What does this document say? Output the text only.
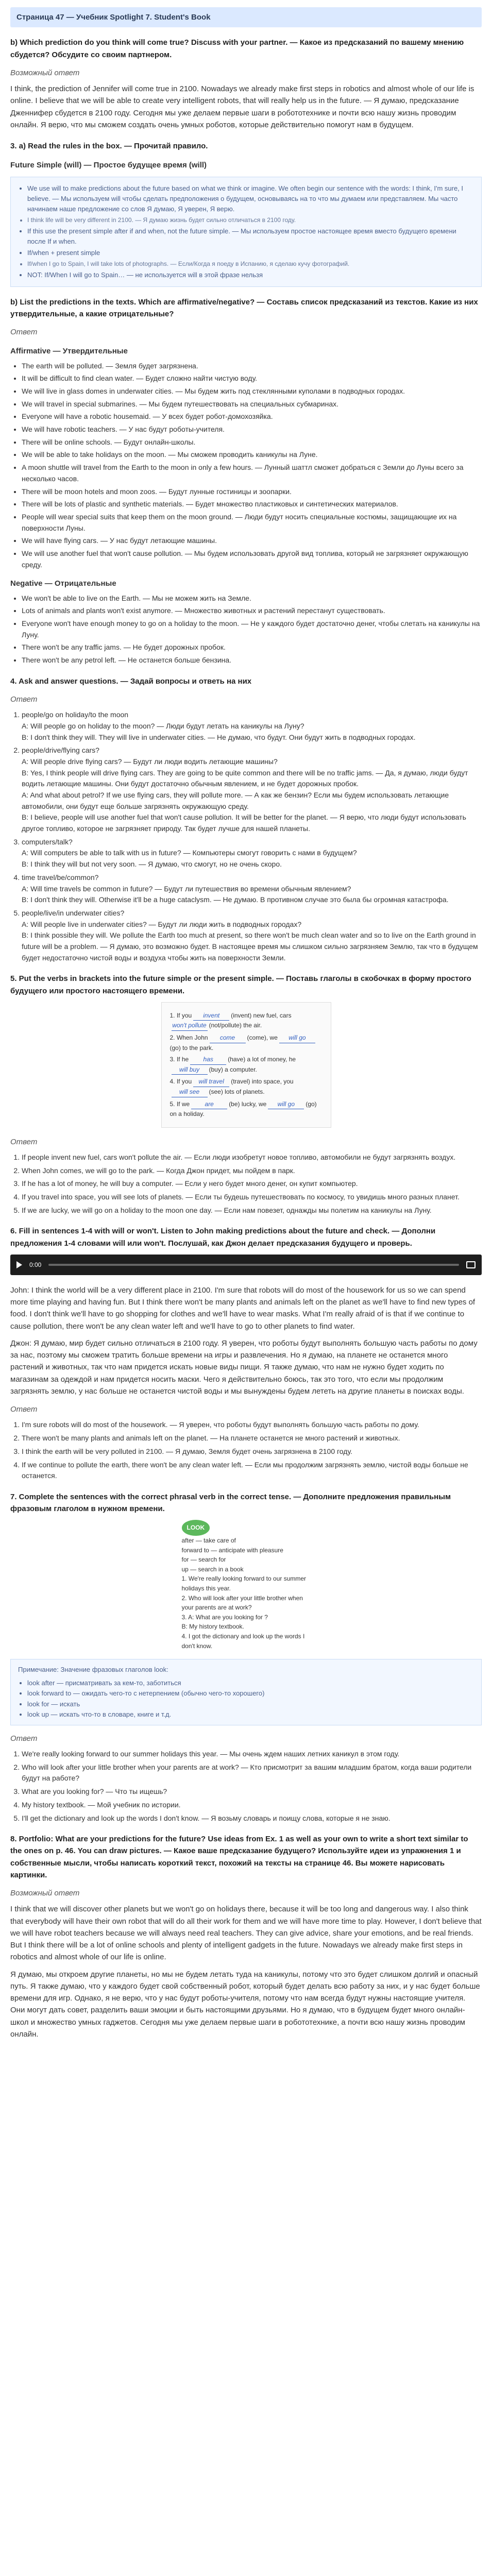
Страница 47 — Учебник Spotlight 7. Student's Book
b) Which prediction do you think will come true? Discuss with your partner. — Какое из предсказаний по вашему мнению сбудется? Обсудите со своим партнером.
Возможный ответ

I think, the prediction of Jennifer will come true in 2100. Nowadays we already make first steps in robotics and almost whole of our life is online. I believe that we will be able to create very intelligent robots, that will really help us in the future. — Я думаю, предсказание Дженнифер сбудется в 2100 году. Сегодня мы уже делаем первые шаги в робототехнике и почти всю нашу жизнь проводим онлайн. Я верю, что мы сможем создать очень умных роботов, которые действительно помогут нам в будущем.

3. a) Read the rules in the box. — Прочитай правило.
Future Simple (will) — Простое будущее время (will)
• We use will to make predictions about the future based on what we think or imagine. We often begin our sentence with the words: I think, I'm sure, I believe. — Мы используем will чтобы сделать предположения о будущем, основываясь на то что мы думаем или представляем. Мы часто начинаем наше предложение со слов Я думаю, Я уверен, Я верю.
• I think life will be very different in 2100. — Я думаю жизнь будет сильно отличаться в 2100 году.
• If this use the present simple after if and when, not the future simple. — Мы используем простое настоящее время вместо будущего времени после If и when.
• If/when + present simple
• If/when I go to Spain, I will take lots of photographs. — Если/Когда я поеду в Испанию, я сделаю кучу фотографий.
• NOT: If/When I will go to Spain… — не используется will в этой фразе нельзя
b) List the predictions in the texts. Which are affirmative/negative? — Составь список предсказаний из текстов. Какие из них утвердительные, а какие отрицательные?
Ответ
Affirmative — Утвердительные
• The earth will be polluted. — Земля будет загрязнена.
• It will be difficult to find clean water. — Будет сложно найти чистую воду.
• We will live in glass domes in underwater cities. — Мы будем жить под стеклянными куполами в подводных городах.
• We will travel in special submarines. — Мы будем путешествовать на специальных субмаринах.
• Everyone will have a robotic housemaid. — У всех будет робот-домохозяйка.
• We will have robotic teachers. — У нас будут роботы-учителя.
• There will be online schools. — Будут онлайн-школы.
• We will be able to take holidays on the moon. — Мы сможем проводить каникулы на Луне.
• A moon shuttle will travel from the Earth to the moon in only a few hours. — Лунный шаттл сможет добраться с Земли до Луны всего за несколько часов.
• There will be moon hotels and moon zoos. — Будут лунные гостиницы и зоопарки.
• There will be lots of plastic and synthetic materials. — Будет множество пластиковых и синтетических материалов.
• People will wear special suits that keep them on the moon ground. — Люди будут носить специальные костюмы, защищающие их на поверхности Луны.
• We will have flying cars. — У нас будут летающие машины.
• We will use another fuel that won't cause pollution. — Мы будем использовать другой вид топлива, который не загрязняет окружающую среду.
Negative — Отрицательные
• We won't be able to live on the Earth. — Мы не можем жить на Земле.
• Lots of animals and plants won't exist anymore. — Множество животных и растений перестанут существовать.
• Everyone won't have enough money to go on a holiday to the moon. — Не у каждого будет достаточно денег, чтобы слетать на каникулы на Луну.
• There won't be any traffic jams. — Не будет дорожных пробок.
• There won't be any petrol left. — Не останется больше бензина.
4. Ask and answer questions. — Задай вопросы и ответь на них
Ответ
1. people/go on holiday/to the moon
A: Will people go on holiday to the moon? — Люди будут летать на каникулы на Луну?
B: I don't think they will. They will live in underwater cities. — Не думаю, что будут. Они будут жить в подводных городах.
2. people/drive/flying cars?
A: Will people drive flying cars? — Будут ли люди водить летающие машины?
B: Yes, I think people will drive flying cars. They are going to be quite common and there will be no traffic jams. — Да, я думаю, люди будут водить летающие машины. Они будут достаточно обычным явлением, и не будет дорожных пробок.
A: And what about petrol? If we use flying cars, they will pollute more. — А как же бензин? Если мы будем использовать летающие автомобили, они будут еще больше загрязнять окружающую среду.
B: I believe, people will use another fuel that won't cause pollution. It will be better for the planet. — Я верю, что люди будут использовать другое топливо, которое не загрязняет природу. Так будет лучше для нашей планеты.
3. computers/talk?
A: Will computers be able to talk with us in future? — Компьютеры смогут говорить с нами в будущем?
B: I think they will but not very soon. — Я думаю, что смогут, но не очень скоро.
4. time travel/be/common?
A: Will time travels be common in future? — Будут ли путешествия во времени обычным явлением?
B: I don't think they will. Otherwise it'll be a huge cataclysm. — Не думаю. В противном случае это была бы огромная катастрофа.
5. people/live/in underwater cities?
A: Will people live in underwater cities? — Будут ли люди жить в подводных городах?
B: I think possible they will. We pollute the Earth too much at present, so there won't be much clean water and so to live on the Earth ground in future will be a problem. — Я думаю, это возможно будет. В настоящее время мы слишком сильно загрязняем Землю, так что в будущем будет недостаточно чистой воды и воздуха чтобы жить на поверхности Земли.
5. Put the verbs in brackets into the future simple or the present simple. — Поставь глаголы в скобочках в форму простого будущего или простого настоящего времени.
1. If you invent (invent) new fuel, carswon't pollute (not/pollute) the air.
2. When John come (come), we will go(go) to the park.
3. If he has (have) a lot of money, hewill buy (buy) a computer.
4. If you will travel (travel) into space, youwill see (see) lots of planets.
5. If we are (be) lucky, we will go (go) on a holiday.
Ответ
1. If people invent new fuel, cars won't pollute the air. — Если люди изобретут новое топливо, автомобили не будут загрязнять воздух.
2. When John comes, we will go to the park. — Когда Джон придет, мы пойдем в парк.
3. If he has a lot of money, he will buy a computer. — Если у него будет много денег, он купит компьютер.
4. If you travel into space, you will see lots of planets. — Если ты будешь путешествовать по космосу, то увидишь много разных планет.
5. If we are lucky, we will go on a holiday to the moon one day. — Если нам повезет, однажды мы полетим на каникулы на Луну.
6. Fill in sentences 1-4 with will or won't. Listen to John making predictions about the future and check. — Дополни предложения 1-4 словами will или won't. Послушай, как Джон делает предсказания будущего и проверь.
0:00

John: I think the world will be a very different place in 2100. I'm sure that robots will do most of the housework for us so we can spend more time playing and having fun. But I think there won't be many plants and animals left on the planet as we'll have to find new types of food. I don't think we'll have to go shopping for clothes and we'll have to wear masks. What I'm really afraid of is that if we continue to cause pollution, there won't be any clean water left and we'll have to go to other planets to find water.

Джон: Я думаю, мир будет сильно отличаться в 2100 году. Я уверен, что роботы будут выполнять большую часть работы по дому за нас, поэтому мы сможем тратить больше времени на игры и развлечения. Но я думаю, на планете не останется много растений и животных, так что нам придется искать новые виды пищи. Я также думаю, что нам не нужно будет ходить по магазинам за одеждой и нам придется носить маски. Чего я действительно боюсь, так это того, что если мы продолжим загрязнять землю, у нас больше не останется чистой воды и мы вынуждены будем лететь на другие планеты в поисках воды.

Ответ
1. I'm sure robots will do most of the housework. — Я уверен, что роботы будут выполнять большую часть работы по дому.
2. There won't be many plants and animals left on the planet. — На планете останется не много растений и животных.
3. I think the earth will be very polluted in 2100. — Я думаю, Земля будет очень загрязнена в 2100 году.
4. If we continue to pollute the earth, there won't be any clean water left. — Если мы продолжим загрязнять землю, чистой воды больше не останется.
7. Complete the sentences with the correct phrasal verb in the correct tense. — Дополните предложения правильным фразовым глаголом в нужном времени.
LOOK
after — take care of
forward to — anticipate with pleasure
for — search for
up — search in a book
1. We're really looking forward to our summer holidays this year.
2. Who will look after your little brother when your parents are at work?
3. A: What are you looking for ?
B: My history textbook.
4. I got the dictionary and look up the words I don't know.
Примечание: Значение фразовых глаголов look:
• look after — присматривать за кем-то, заботиться
• look forward to — ожидать чего-то с нетерпением (обычно чего-то хорошего)
• look for — искать
• look up — искать что-то в словаре, книге и т.д.
Ответ
1. We're really looking forward to our summer holidays this year. — Мы очень ждем наших летних каникул в этом году.
2. Who will look after your little brother when your parents are at work? — Кто присмотрит за вашим младшим братом, когда ваши родители будут на работе?
3. What are you looking for? — Что ты ищешь?
4. My history textbook. — Мой учебник по истории.
5. I'll get the dictionary and look up the words I don't know. — Я возьму словарь и поищу слова, которые я не знаю.
8. Portfolio: What are your predictions for the future? Use ideas from Ex. 1 as well as your own to write a short text similar to the ones on p. 46. You can draw pictures. — Какое ваше предсказание будущего? Используйте идеи из упражнения 1 и собственные мысли, чтобы написать короткий текст, похожий на тексты на странице 46. Вы можете нарисовать картинки.
Возможный ответ

I think that we will discover other planets but we won't go on holidays there, because it will be too long and dangerous way. I also think that everybody will have their own robot that will do all their work for them and we will have more time to play. However, I don't believe that we will have robot teachers because we will always need real teachers. They can give advice, share your emotions, and be real friends. But I think there will be a lot of online schools and plenty of intelligent gadgets in the future. Nowadays we already make first steps in robotics and almost whole of our life is online.

Я думаю, мы откроем другие планеты, но мы не будем летать туда на каникулы, потому что это будет слишком долгий и опасный путь. Я также думаю, что у каждого будет свой собственный робот, который будет делать всю работу за них, и у нас будет больше времени для игр. Однако, я не верю, что у нас будут роботы-учителя, потому что нам всегда будут нужны настоящие учителя. Они могут дать совет, разделить ваши эмоции и быть настоящими друзьями. Но я думаю, что в будущем будет много онлайн-школ и множество умных гаджетов. Сегодня мы уже делаем первые шаги в робототехнике, а почти всю нашу жизнь проводим онлайн.
